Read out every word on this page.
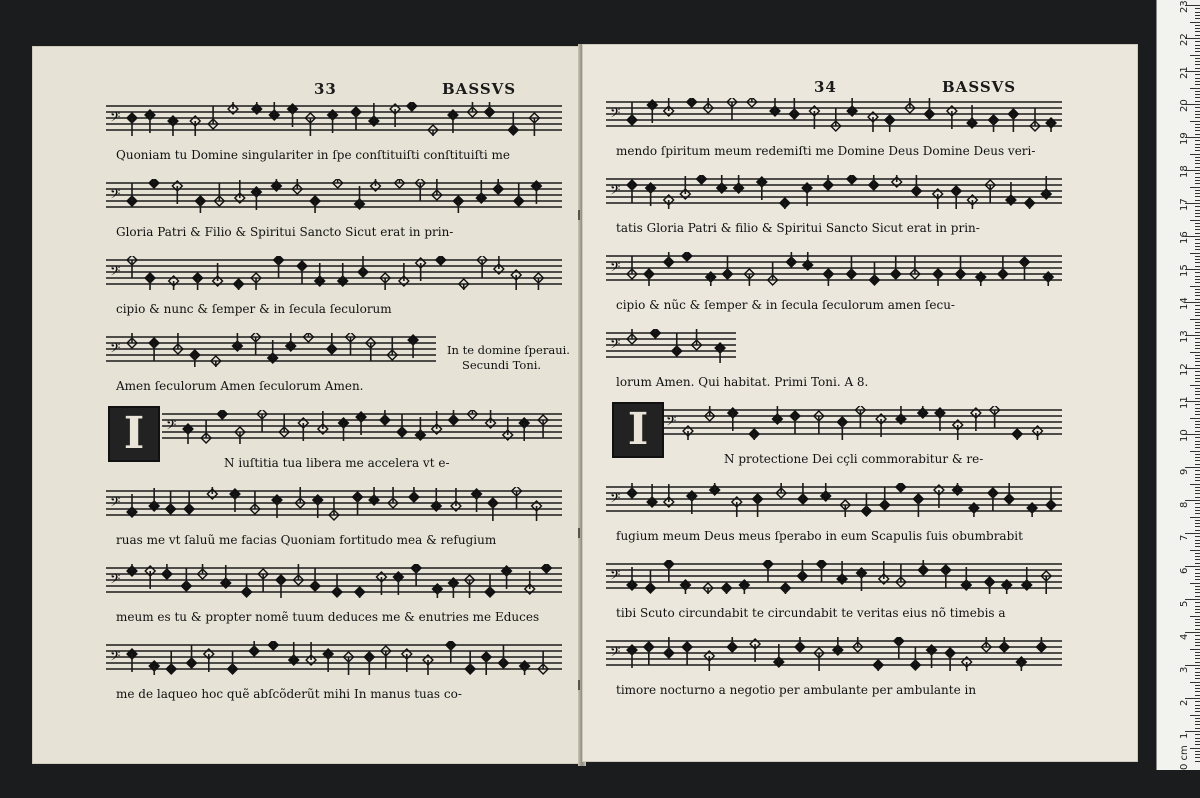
33	BASSVS
𝄢
Quoniam tu Domine singulariter in ſpe conſtituiſti conſtituiſti me
𝄢
Gloria Patri & Filio & Spiritui Sancto Sicut erat in prin-
𝄢
cipio & nunc & ſemper & in ſecula ſeculorum
𝄢
Amen ſeculorum Amen ſeculorum Amen.
𝄢
N iuſtitia tua libera me accelera vt e-
𝄢
ruas me vt ſaluũ me facias Quoniam fortitudo mea & refugium
𝄢
meum es tu & propter nomẽ tuum deduces me & enutries me Educes
𝄢
me de laqueo hoc quẽ abſcõderũt mihi In manus tuas co-
In te domine ſperaui.
Secundi Toni.
I
34	BASSVS
𝄢
mendo ſpiritum meum redemiſti me Domine Deus Domine Deus veri-
𝄢
tatis Gloria Patri & filio & Spiritui Sancto Sicut erat in prin-
𝄢
cipio & nũc & ſemper & in ſecula ſeculorum amen ſecu-
𝄢
lorum Amen. Qui habitat. Primi Toni. A 8.
𝄢
N protectione Dei cçli commorabitur & re-
𝄢
fugium meum Deus meus ſperabo in eum Scapulis ſuis obumbrabit
𝄢
tibi Scuto circundabit te circundabit te veritas eius nõ timebis a
𝄢
timore nocturno a negotio per ambulante per ambulante in
I
1
2
3
4
5
6
7
8
9
10
11
12
13
14
15
16
17
18
19
20
21
22
23
0 cm
